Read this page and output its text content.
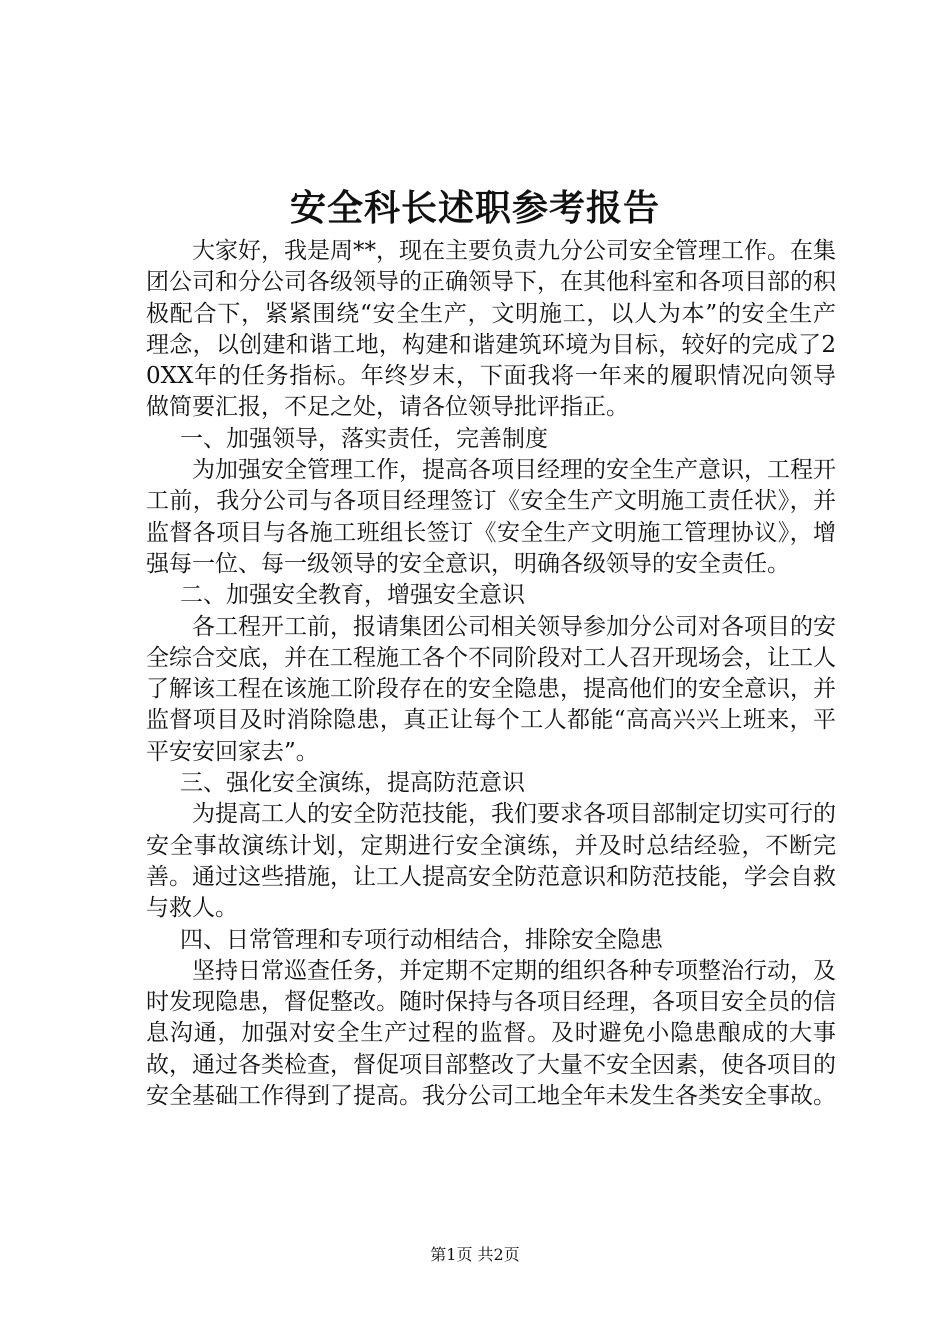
安全科长述职参考报告

大家好，我是周**，现在主要负责九分公司安全管理工作。在集团公司和分公司各级领导的正确领导下，在其他科室和各项目部的积极配合下，紧紧围绕“安全生产，文明施工，以人为本”的安全生产理念，以创建和谐工地，构建和谐建筑环境为目标，较好的完成了20XX年的任务指标。年终岁末，下面我将一年来的履职情况向领导做简要汇报，不足之处，请各位领导批评指正。

一、加强领导，落实责任，完善制度

为加强安全管理工作，提高各项目经理的安全生产意识，工程开工前，我分公司与各项目经理签订《安全生产文明施工责任状》，并监督各项目与各施工班组长签订《安全生产文明施工管理协议》，增强每一位、每一级领导的安全意识，明确各级领导的安全责任。

二、加强安全教育，增强安全意识

各工程开工前，报请集团公司相关领导参加分公司对各项目的安全综合交底，并在工程施工各个不同阶段对工人召开现场会，让工人了解该工程在该施工阶段存在的安全隐患，提高他们的安全意识，并监督项目及时消除隐患，真正让每个工人都能“高高兴兴上班来，平平安安回家去”。

三、强化安全演练，提高防范意识

为提高工人的安全防范技能，我们要求各项目部制定切实可行的安全事故演练计划，定期进行安全演练，并及时总结经验，不断完善。通过这些措施，让工人提高安全防范意识和防范技能，学会自救与救人。

四、日常管理和专项行动相结合，排除安全隐患

坚持日常巡查任务，并定期不定期的组织各种专项整治行动，及时发现隐患，督促整改。随时保持与各项目经理，各项目安全员的信息沟通，加强对安全生产过程的监督。及时避免小隐患酿成的大事故，通过各类检查，督促项目部整改了大量不安全因素，使各项目的安全基础工作得到了提高。我分公司工地全年未发生各类安全事故。

第1页 共2页
